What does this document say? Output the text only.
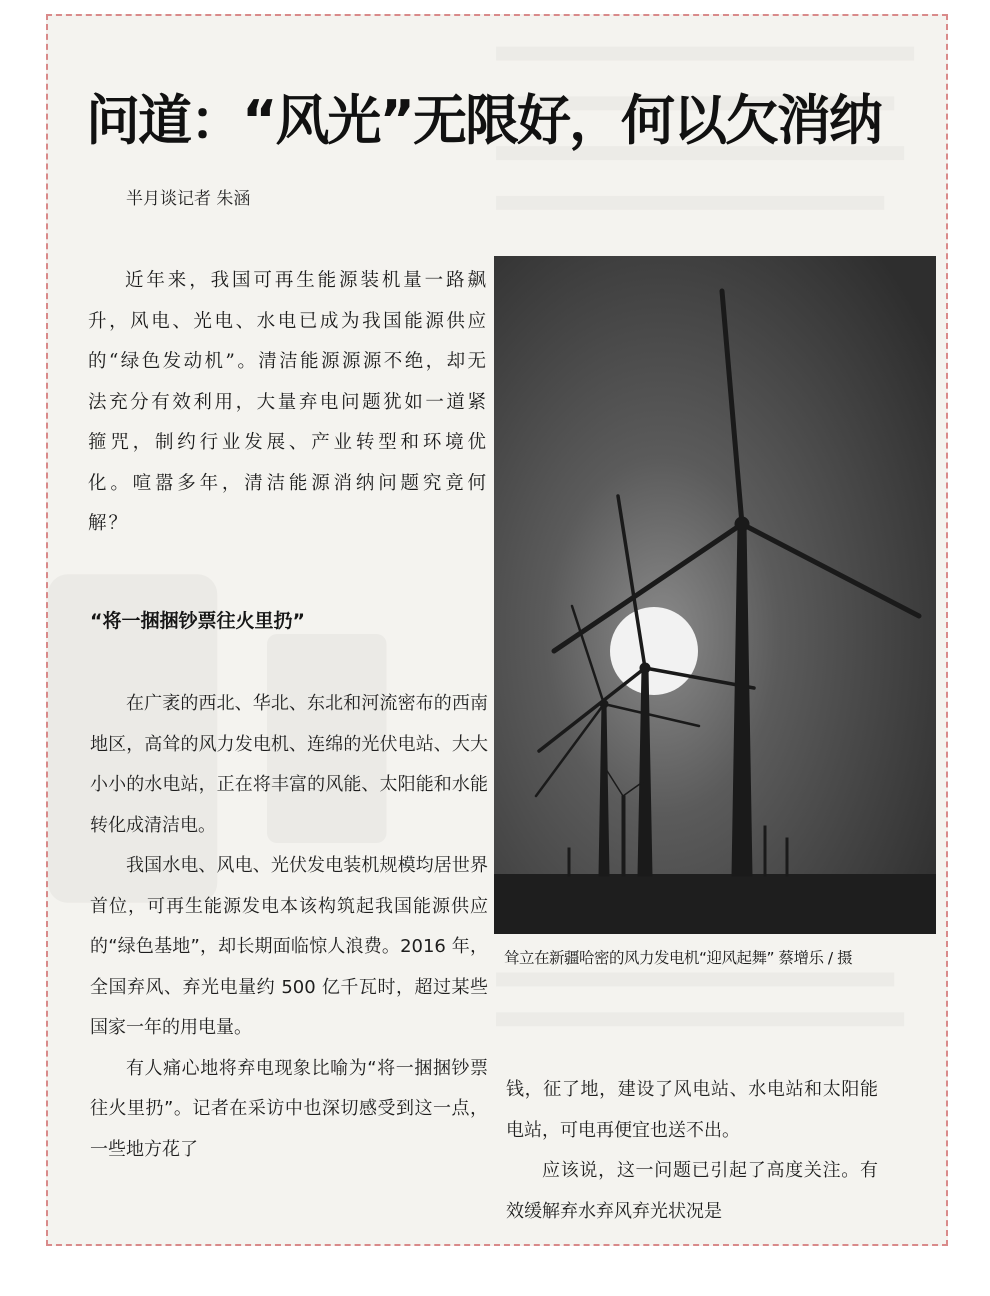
问道：“风光”无限好，何以欠消纳
半月谈记者 朱涵

近年来，我国可再生能源装机量一路飙升，风电、光电、水电已成为我国能源供应的“绿色发动机”。清洁能源源源不绝，却无法充分有效利用，大量弃电问题犹如一道紧箍咒，制约行业发展、产业转型和环境优化。喧嚣多年，清洁能源消纳问题究竟何解？

“将一捆捆钞票往火里扔”

在广袤的西北、华北、东北和河流密布的西南地区，高耸的风力发电机、连绵的光伏电站、大大小小的水电站，正在将丰富的风能、太阳能和水能转化成清洁电。

我国水电、风电、光伏发电装机规模均居世界首位，可再生能源发电本该构筑起我国能源供应的“绿色基地”，却长期面临惊人浪费。2016 年，全国弃风、弃光电量约 500 亿千瓦时，超过某些国家一年的用电量。

有人痛心地将弃电现象比喻为“将一捆捆钞票往火里扔”。记者在采访中也深切感受到这一点，一些地方花了

耸立在新疆哈密的风力发电机“迎风起舞” 蔡增乐 / 摄

钱，征了地，建设了风电站、水电站和太阳能电站，可电再便宜也送不出。

应该说，这一问题已引起了高度关注。有效缓解弃水弃风弃光状况是
